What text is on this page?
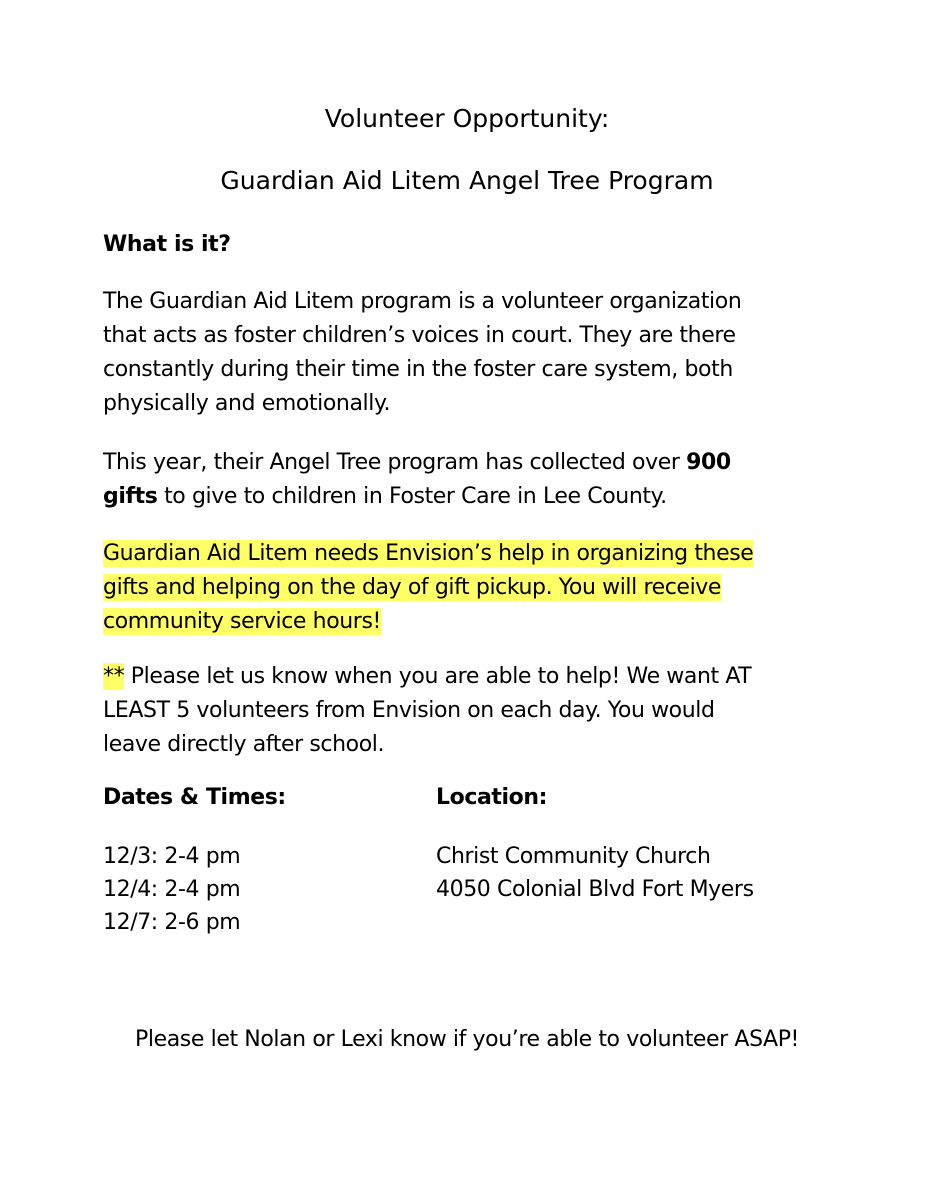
Volunteer Opportunity:
Guardian Aid Litem Angel Tree Program
What is it?
The Guardian Aid Litem program is a volunteer organization
that acts as foster children’s voices in court. They are there
constantly during their time in the foster care system, both
physically and emotionally.
This year, their Angel Tree program has collected over 900
gifts to give to children in Foster Care in Lee County.
Guardian Aid Litem needs Envision’s help in organizing these
gifts and helping on the day of gift pickup. You will receive
community service hours!
** Please let us know when you are able to help! We want AT
LEAST 5 volunteers from Envision on each day. You would
leave directly after school.
Dates & Times:	Location:
12/3: 2-4 pm
12/4: 2-4 pm
12/7: 2-6 pm
Christ Community Church
4050 Colonial Blvd Fort Myers
Please let Nolan or Lexi know if you’re able to volunteer ASAP!
